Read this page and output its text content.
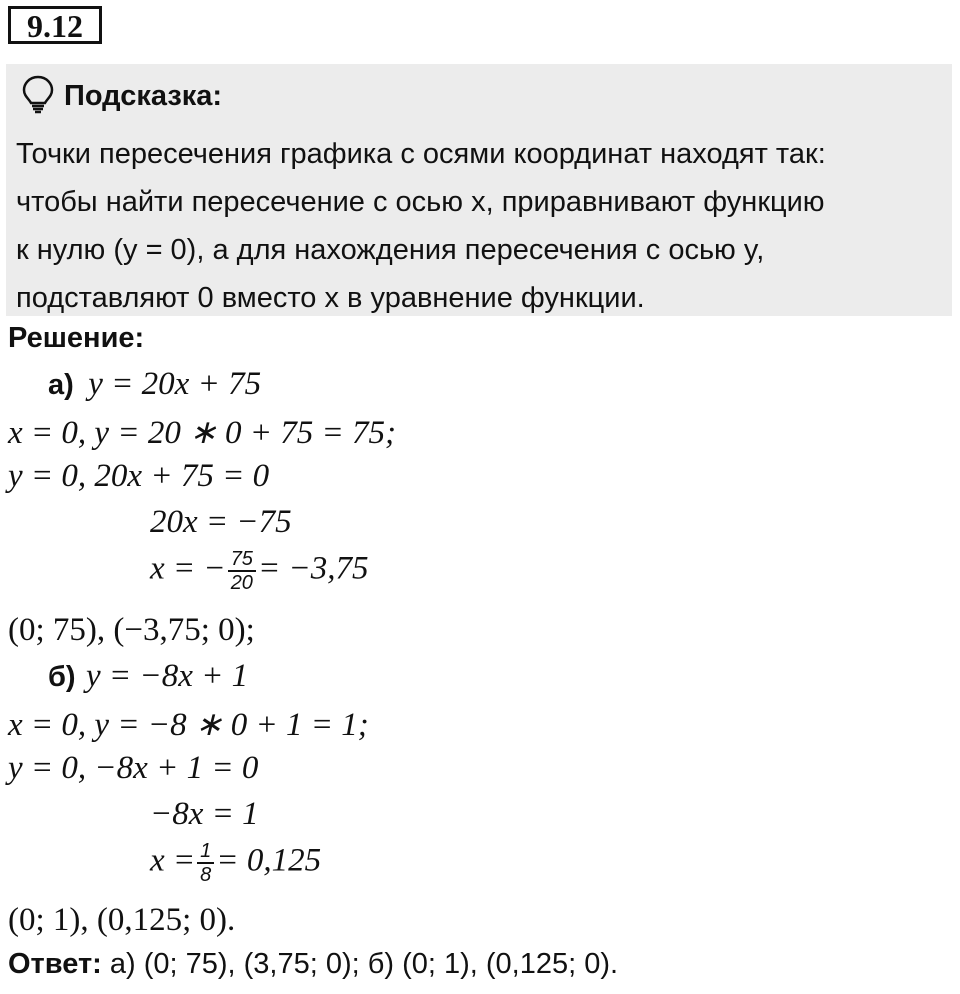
9.12
Подсказка:
Точки пересечения графика с осями координат находят так:
чтобы найти пересечение с осью x, приравнивают функцию
к нулю (y = 0), а для нахождения пересечения с осью y,
подставляют 0 вместо x в уравнение функции.
Решение:
а) y = 20x + 75
x = 0, y = 20 ∗ 0 + 75 = 75;
y = 0, 20x + 75 = 0
20x = −75
x = − $\frac{75}{20} = -3,75$
(0; 75), (−3,75; 0);
б) y = −8x + 1
x = 0, y = −8 ∗ 0 + 1 = 1;
y = 0, −8x + 1 = 0
−8x = 1
$x = \frac{1}{8} = 0,125$
(0; 1), (0,125; 0).
Ответ: а) (0; 75), (3,75; 0); б) (0; 1), (0,125; 0).
